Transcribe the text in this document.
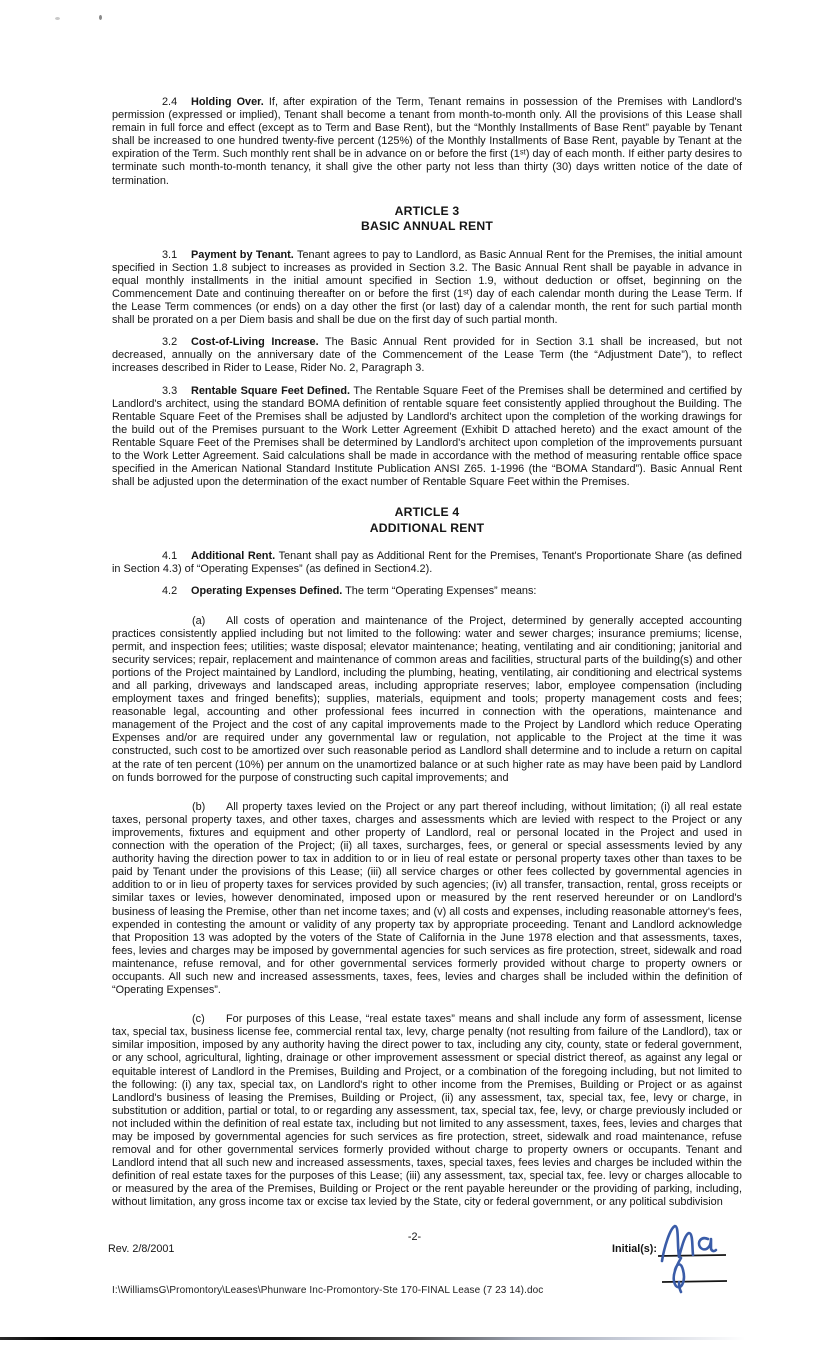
2.4 Holding Over. If, after expiration of the Term, Tenant remains in possession of the Premises with Landlord's permission (expressed or implied), Tenant shall become a tenant from month-to-month only. All the provisions of this Lease shall remain in full force and effect (except as to Term and Base Rent), but the “Monthly Installments of Base Rent” payable by Tenant shall be increased to one hundred twenty-five percent (125%) of the Monthly Installments of Base Rent, payable by Tenant at the expiration of the Term. Such monthly rent shall be in advance on or before the first (1ˢᵗ) day of each month. If either party desires to terminate such month-to-month tenancy, it shall give the other party not less than thirty (30) days written notice of the date of termination.

ARTICLE 3
BASIC ANNUAL RENT

3.1 Payment by Tenant. Tenant agrees to pay to Landlord, as Basic Annual Rent for the Premises, the initial amount specified in Section 1.8 subject to increases as provided in Section 3.2. The Basic Annual Rent shall be payable in advance in equal monthly installments in the initial amount specified in Section 1.9, without deduction or offset, beginning on the Commencement Date and continuing thereafter on or before the first (1ˢᵗ) day of each calendar month during the Lease Term. If the Lease Term commences (or ends) on a day other the first (or last) day of a calendar month, the rent for such partial month shall be prorated on a per Diem basis and shall be due on the first day of such partial month.

3.2 Cost-of-Living Increase. The Basic Annual Rent provided for in Section 3.1 shall be increased, but not decreased, annually on the anniversary date of the Commencement of the Lease Term (the “Adjustment Date”), to reflect increases described in Rider to Lease, Rider No. 2, Paragraph 3.

3.3 Rentable Square Feet Defined. The Rentable Square Feet of the Premises shall be determined and certified by Landlord's architect, using the standard BOMA definition of rentable square feet consistently applied throughout the Building. The Rentable Square Feet of the Premises shall be adjusted by Landlord's architect upon the completion of the working drawings for the build out of the Premises pursuant to the Work Letter Agreement (Exhibit D attached hereto) and the exact amount of the Rentable Square Feet of the Premises shall be determined by Landlord's architect upon completion of the improvements pursuant to the Work Letter Agreement. Said calculations shall be made in accordance with the method of measuring rentable office space specified in the American National Standard Institute Publication ANSI Z65. 1-1996 (the “BOMA Standard”). Basic Annual Rent shall be adjusted upon the determination of the exact number of Rentable Square Feet within the Premises.

ARTICLE 4
ADDITIONAL RENT

4.1 Additional Rent. Tenant shall pay as Additional Rent for the Premises, Tenant's Proportionate Share (as defined in Section 4.3) of “Operating Expenses” (as defined in Section4.2).

4.2 Operating Expenses Defined. The term “Operating Expenses” means:

(a) All costs of operation and maintenance of the Project, determined by generally accepted accounting practices consistently applied including but not limited to the following: water and sewer charges; insurance premiums; license, permit, and inspection fees; utilities; waste disposal; elevator maintenance; heating, ventilating and air conditioning; janitorial and security services; repair, replacement and maintenance of common areas and facilities, structural parts of the building(s) and other portions of the Project maintained by Landlord, including the plumbing, heating, ventilating, air conditioning and electrical systems and all parking, driveways and landscaped areas, including appropriate reserves; labor, employee compensation (including employment taxes and fringed benefits); supplies, materials, equipment and tools; property management costs and fees; reasonable legal, accounting and other professional fees incurred in connection with the operations, maintenance and management of the Project and the cost of any capital improvements made to the Project by Landlord which reduce Operating Expenses and/or are required under any governmental law or regulation, not applicable to the Project at the time it was constructed, such cost to be amortized over such reasonable period as Landlord shall determine and to include a return on capital at the rate of ten percent (10%) per annum on the unamortized balance or at such higher rate as may have been paid by Landlord on funds borrowed for the purpose of constructing such capital improvements; and

(b) All property taxes levied on the Project or any part thereof including, without limitation; (i) all real estate taxes, personal property taxes, and other taxes, charges and assessments which are levied with respect to the Project or any improvements, fixtures and equipment and other property of Landlord, real or personal located in the Project and used in connection with the operation of the Project; (ii) all taxes, surcharges, fees, or general or special assessments levied by any authority having the direction power to tax in addition to or in lieu of real estate or personal property taxes other than taxes to be paid by Tenant under the provisions of this Lease; (iii) all service charges or other fees collected by governmental agencies in addition to or in lieu of property taxes for services provided by such agencies; (iv) all transfer, transaction, rental, gross receipts or similar taxes or levies, however denominated, imposed upon or measured by the rent reserved hereunder or on Landlord's business of leasing the Premise, other than net income taxes; and (v) all costs and expenses, including reasonable attorney's fees, expended in contesting the amount or validity of any property tax by appropriate proceeding. Tenant and Landlord acknowledge that Proposition 13 was adopted by the voters of the State of California in the June 1978 election and that assessments, taxes, fees, levies and charges may be imposed by governmental agencies for such services as fire protection, street, sidewalk and road maintenance, refuse removal, and for other governmental services formerly provided without charge to property owners or occupants. All such new and increased assessments, taxes, fees, levies and charges shall be included within the definition of “Operating Expenses”.

(c) For purposes of this Lease, “real estate taxes” means and shall include any form of assessment, license tax, special tax, business license fee, commercial rental tax, levy, charge penalty (not resulting from failure of the Landlord), tax or similar imposition, imposed by any authority having the direct power to tax, including any city, county, state or federal government, or any school, agricultural, lighting, drainage or other improvement assessment or special district thereof, as against any legal or equitable interest of Landlord in the Premises, Building and Project, or a combination of the foregoing including, but not limited to the following: (i) any tax, special tax, on Landlord's right to other income from the Premises, Building or Project or as against Landlord's business of leasing the Premises, Building or Project, (ii) any assessment, tax, special tax, fee, levy or charge, in substitution or addition, partial or total, to or regarding any assessment, tax, special tax, fee, levy, or charge previously included or not included within the definition of real estate tax, including but not limited to any assessment, taxes, fees, levies and charges that may be imposed by governmental agencies for such services as fire protection, street, sidewalk and road maintenance, refuse removal and for other governmental services formerly provided without charge to property owners or occupants. Tenant and Landlord intend that all such new and increased assessments, taxes, special taxes, fees levies and charges be included within the definition of real estate taxes for the purposes of this Lease; (iii) any assessment, tax, special tax, fee. levy or charges allocable to or measured by the area of the Premises, Building or Project or the rent payable hereunder or the providing of parking, including, without limitation, any gross income tax or excise tax levied by the State, city or federal government, or any political subdivision

-2-
Rev. 2/8/2001	Initial(s):
I:\WilliamsG\Promontory\Leases\Phunware Inc-Promontory-Ste 170-FINAL Lease (7 23 14).doc
